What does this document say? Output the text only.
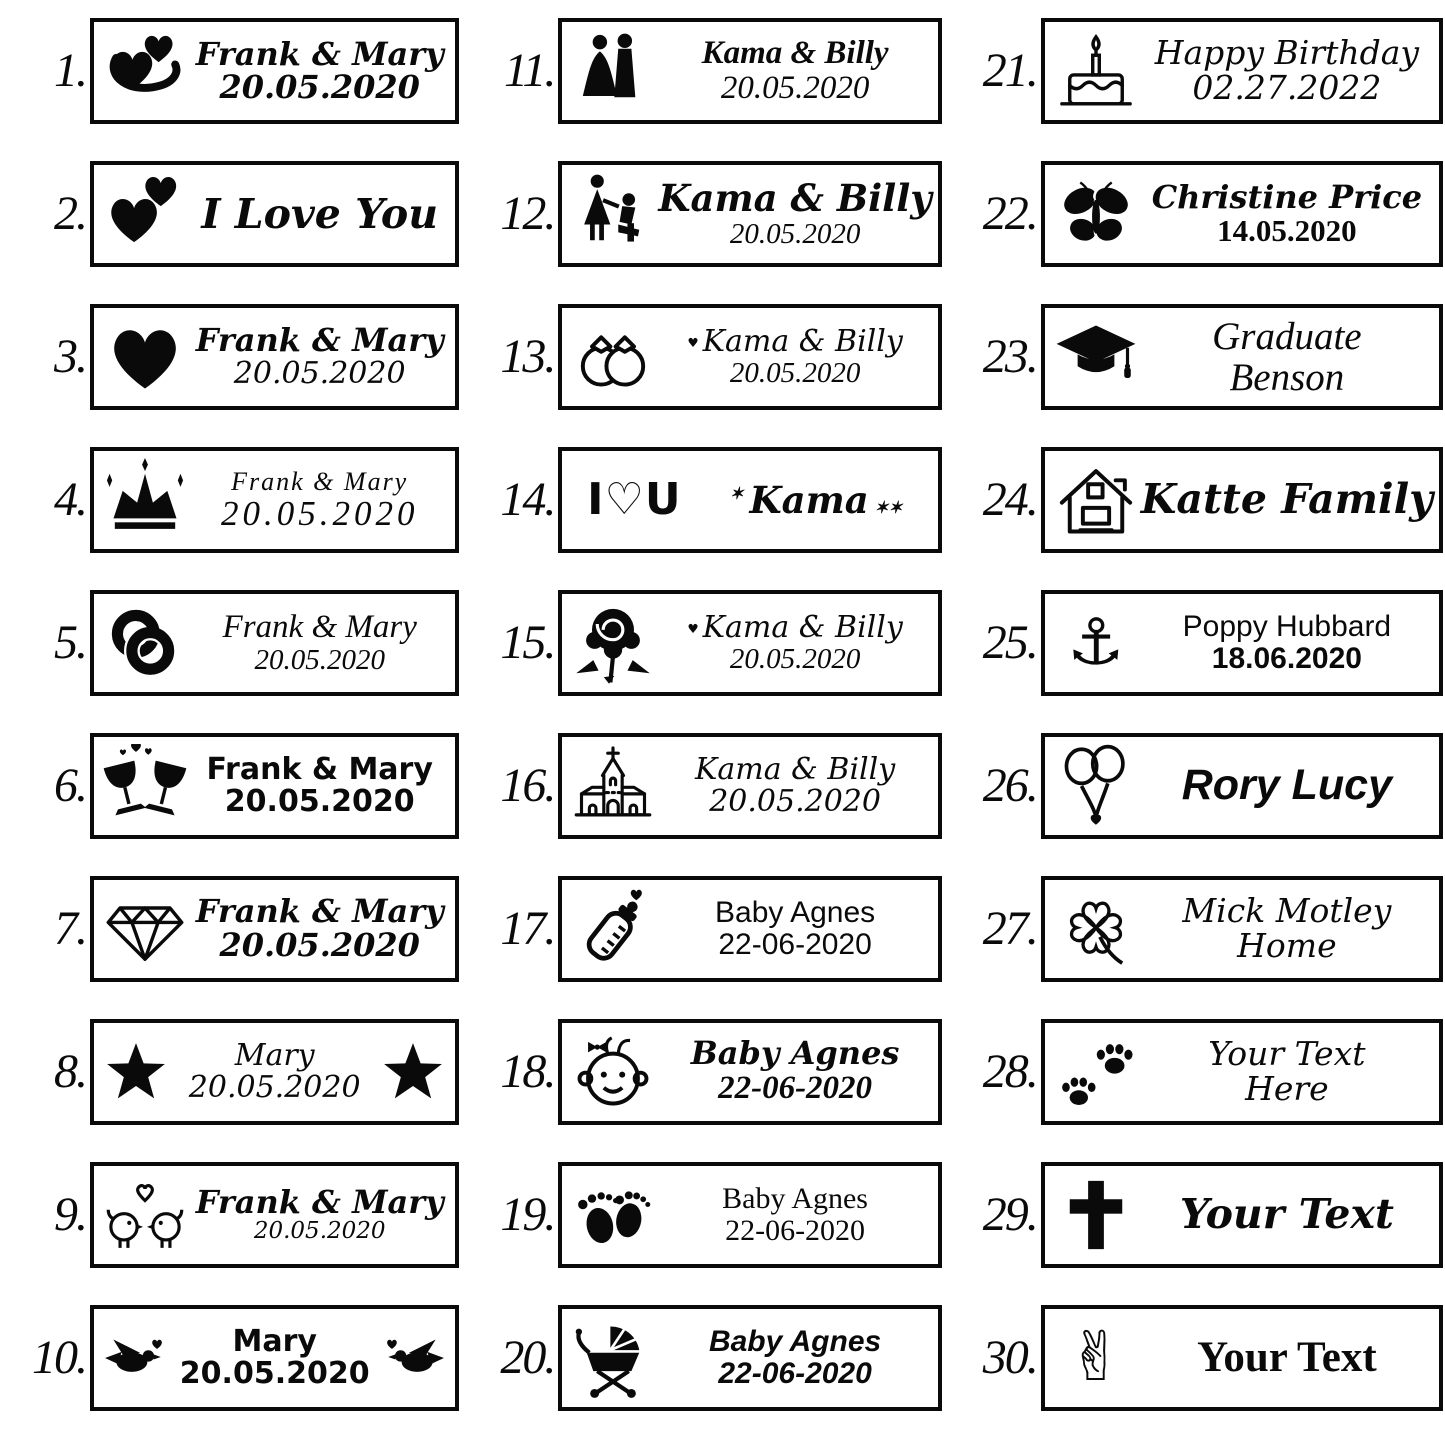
1.	Frank & Mary
20.05.2020
2.	I Love You
3.	Frank & Mary
20.05.2020
4.	Frank & Mary
20.05.2020
5.	Frank & Mary
20.05.2020
6.	Frank & Mary
20.05.2020
7.	Frank & Mary
20.05.2020
8.	Mary
20.05.2020
9.	Frank & Mary
20.05.2020
10.	Mary
20.05.2020
11.	Kama & Billy
20.05.2020
12.	Kama & Billy
20.05.2020
13.	♥ Kama & Billy
20.05.2020
14. I♡U	✶ Kama ✶✶
15.	♥ Kama & Billy
20.05.2020
16.	Kama & Billy
20.05.2020
17.	Baby Agnes
22-06-2020
18.	Baby Agnes
22-06-2020
19.	Baby Agnes
22-06-2020
20.	Baby Agnes
22-06-2020
21.	Happy Birthday
02.27.2022
22.	Christine Price
14.05.2020
23.	Graduate
Benson
24.	Katte Family
25. ⚓	Poppy Hubbard
18.06.2020
26.	Rory Lucy
27.	Mick Motley
Home
28.	Your Text
Here
29.	Your Text
30. ✌	Your Text
